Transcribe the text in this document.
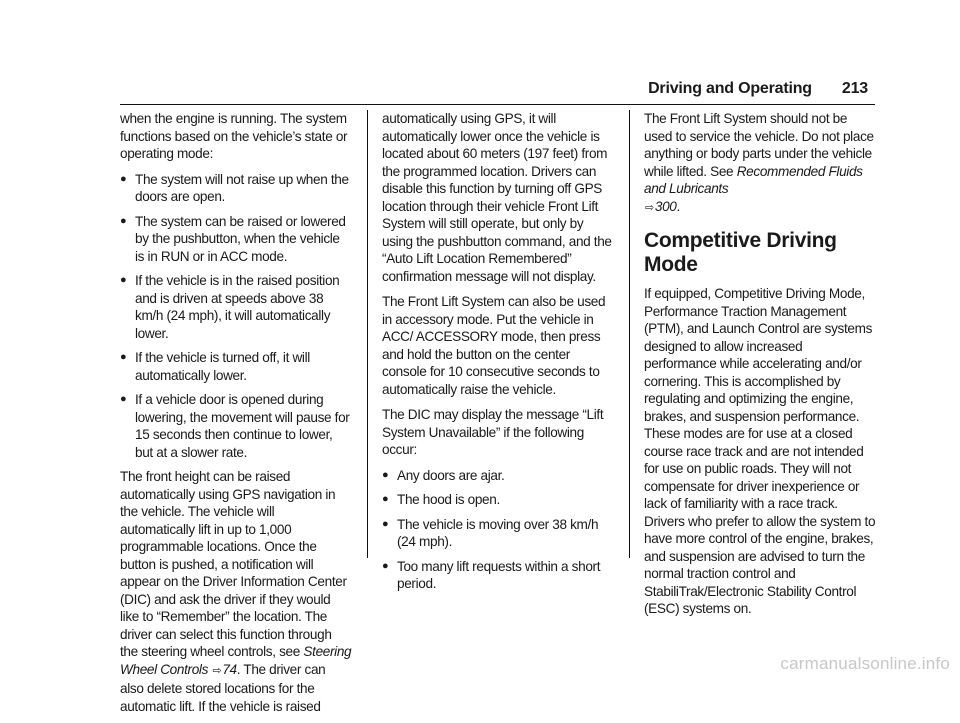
Driving and Operating 213

when the engine is running. The system functions based on the vehicle’s state or operating mode:

● The system will not raise up when the doors are open.
● The system can be raised or lowered by the pushbutton, when the vehicle is in RUN or in ACC mode.
● If the vehicle is in the raised position and is driven at speeds above 38 km/h (24 mph), it will automatically lower.
● If the vehicle is turned off, it will automatically lower.
● If a vehicle door is opened during lowering, the movement will pause for 15 seconds then continue to lower, but at a slower rate.

The front height can be raised automatically using GPS navigation in the vehicle. The vehicle will automatically lift in up to 1,000 programmable locations. Once the button is pushed, a notification will appear on the Driver Information Center (DIC) and ask the driver if they would like to “Remember” the location. The driver can select this function through the steering wheel controls, see Steering Wheel Controls ⇨74. The driver can also delete stored locations for the automatic lift. If the vehicle is raised

automatically using GPS, it will automatically lower once the vehicle is located about 60 meters (197 feet) from the programmed location. Drivers can disable this function by turning off GPS location through their vehicle Front Lift System will still operate, but only by using the pushbutton command, and the “Auto Lift Location Remembered” confirmation message will not display.

The Front Lift System can also be used in accessory mode. Put the vehicle in ACC/ ACCESSORY mode, then press and hold the button on the center console for 10 consecutive seconds to automatically raise the vehicle.

The DIC may display the message “Lift System Unavailable” if the following occur:

● Any doors are ajar.
● The hood is open.
● The vehicle is moving over 38 km/h (24 mph).
● Too many lift requests within a short period.

The Front Lift System should not be used to service the vehicle. Do not place anything or body parts under the vehicle while lifted. See Recommended Fluids and Lubricants
⇨300.

Competitive Driving Mode

If equipped, Competitive Driving Mode, Performance Traction Management (PTM), and Launch Control are systems designed to allow increased performance while accelerating and/or cornering. This is accomplished by regulating and optimizing the engine, brakes, and suspension performance. These modes are for use at a closed course race track and are not intended for use on public roads. They will not compensate for driver inexperience or lack of familiarity with a race track. Drivers who prefer to allow the system to have more control of the engine, brakes, and suspension are advised to turn the normal traction control and StabiliTrak/Electronic Stability Control (ESC) systems on.

carmanualsonline.info
